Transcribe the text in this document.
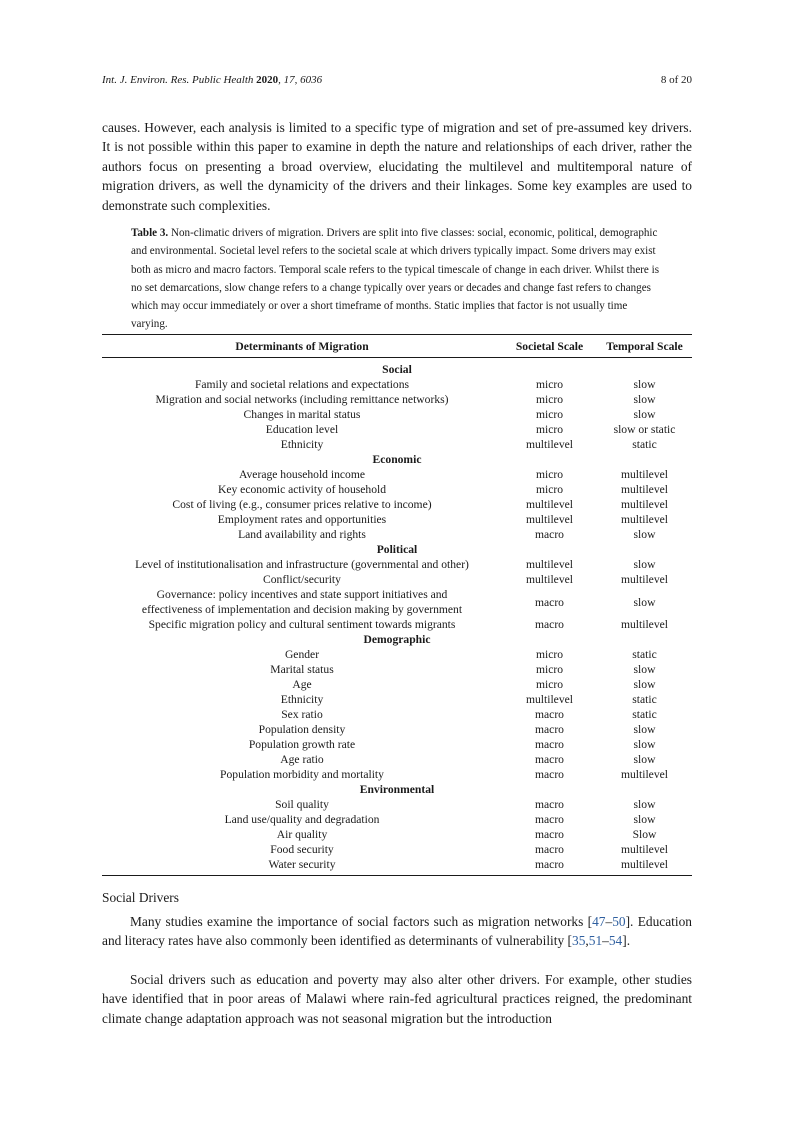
Int. J. Environ. Res. Public Health 2020, 17, 6036	8 of 20

causes. However, each analysis is limited to a specific type of migration and set of pre-assumed key drivers. It is not possible within this paper to examine in depth the nature and relationships of each driver, rather the authors focus on presenting a broad overview, elucidating the multilevel and multitemporal nature of migration drivers, as well the dynamicity of the drivers and their linkages. Some key examples are used to demonstrate such complexities.

Table 3. Non-climatic drivers of migration. Drivers are split into five classes: social, economic, political, demographic and environmental. Societal level refers to the societal scale at which drivers typically impact. Some drivers may exist both as micro and macro factors. Temporal scale refers to the typical timescale of change in each driver. Whilst there is no set demarcations, slow change refers to a change typically over years or decades and change fast refers to changes which may occur immediately or over a short timeframe of months. Static implies that factor is not usually time varying.

Determinants of Migration	Societal Scale	Temporal Scale
Social		
Family and societal relations and expectations	micro	slow
Migration and social networks (including remittance networks)	micro	slow
Changes in marital status	micro	slow
Education level	micro	slow or static
Ethnicity	multilevel	static
Economic		
Average household income	micro	multilevel
Key economic activity of household	micro	multilevel
Cost of living (e.g., consumer prices relative to income)	multilevel	multilevel
Employment rates and opportunities	multilevel	multilevel
Land availability and rights	macro	slow
Political		
Level of institutionalisation and infrastructure (governmental and other)	multilevel	slow
Conflict/security	multilevel	multilevel
Governance: policy incentives and state support initiatives and
effectiveness of implementation and decision making by government	macro	slow
Specific migration policy and cultural sentiment towards migrants	macro	multilevel
Demographic		
Gender	micro	static
Marital status	micro	slow
Age	micro	slow
Ethnicity	multilevel	static
Sex ratio	macro	static
Population density	macro	slow
Population growth rate	macro	slow
Age ratio	macro	slow
Population morbidity and mortality	macro	multilevel
Environmental		
Soil quality	macro	slow
Land use/quality and degradation	macro	slow
Air quality	macro	Slow
Food security	macro	multilevel
Water security	macro	multilevel

Social Drivers

Many studies examine the importance of social factors such as migration networks [47–50]. Education and literacy rates have also commonly been identified as determinants of vulnerability [35,51–54].

Social drivers such as education and poverty may also alter other drivers. For example, other studies have identified that in poor areas of Malawi where rain-fed agricultural practices reigned, the predominant climate change adaptation approach was not seasonal migration but the introduction
